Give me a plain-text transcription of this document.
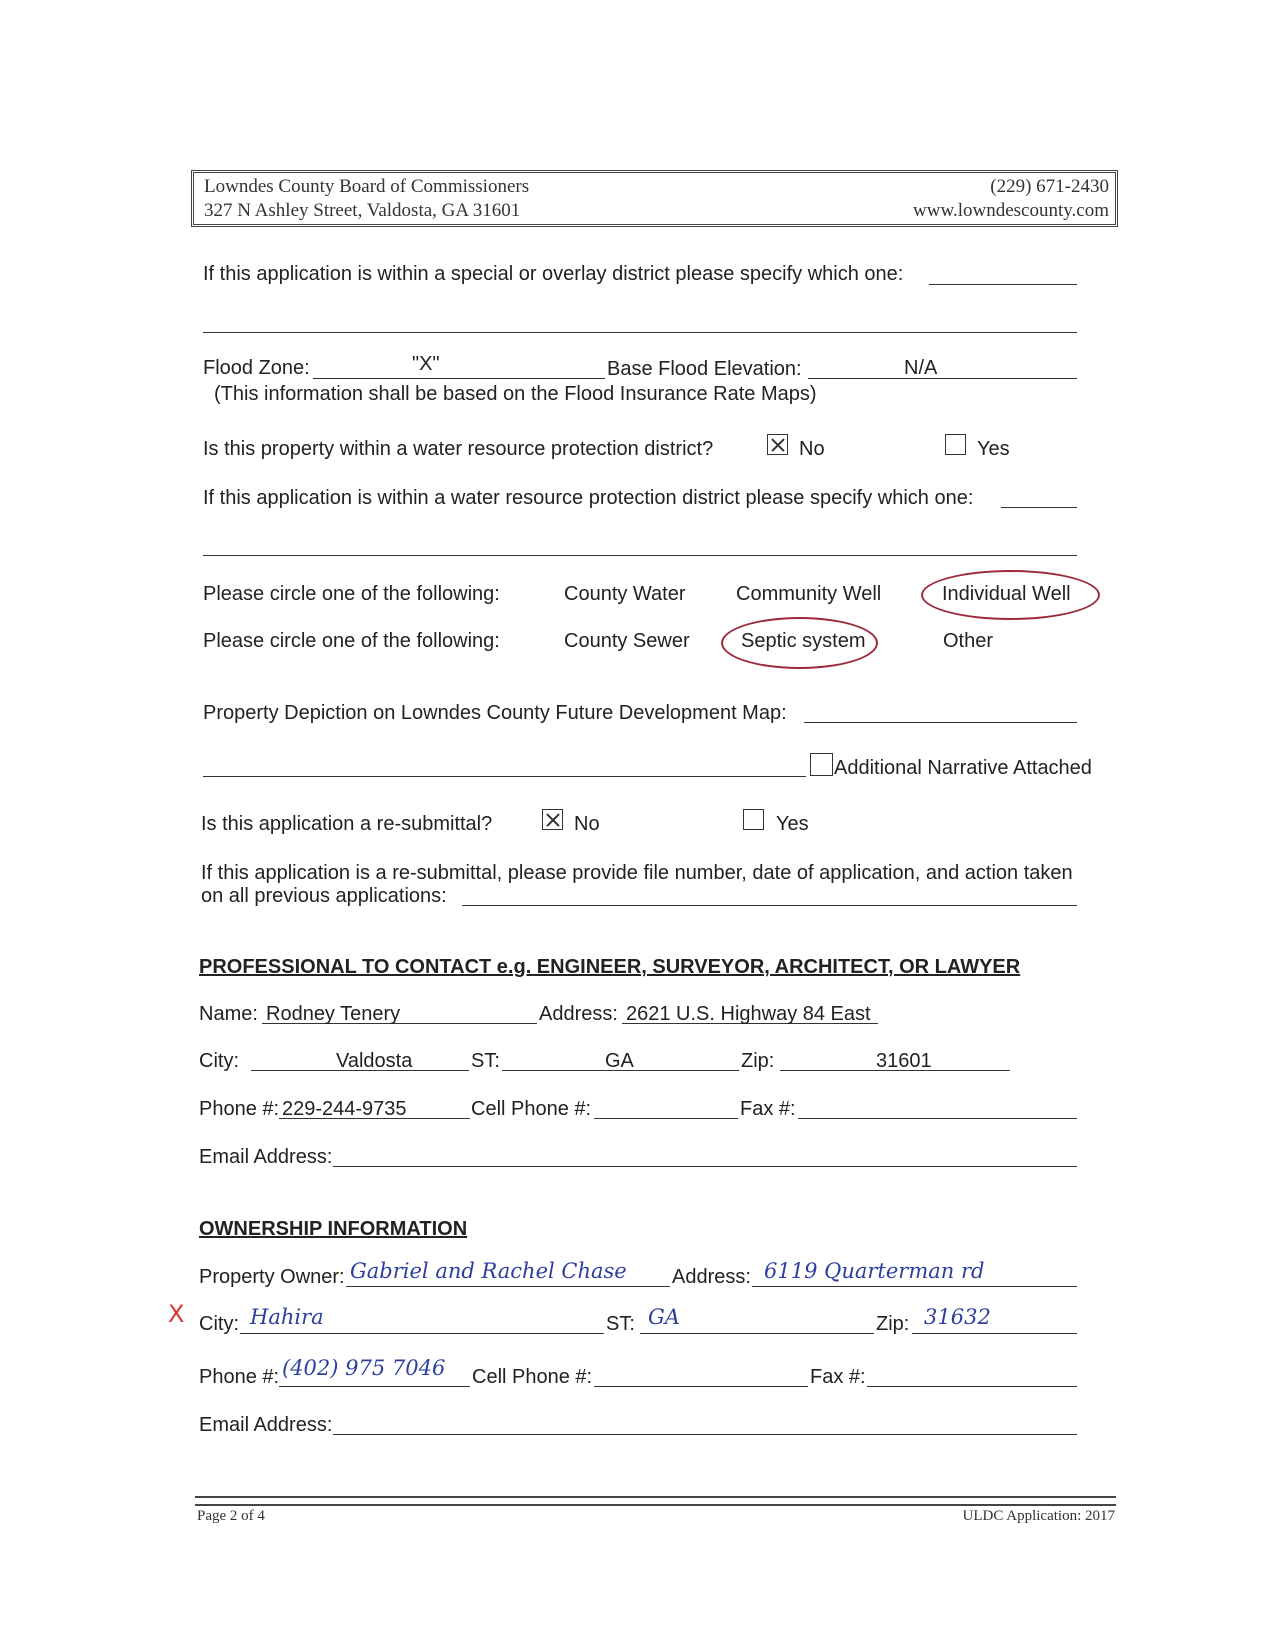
Lowndes County Board of Commissioners
327 N Ashley Street, Valdosta, GA 31601
(229) 671-2430
www.lowndescounty.com
If this application is within a special or overlay district please specify which one:
Flood Zone:	"X"	Base Flood Elevation:	N/A
(This information shall be based on the Flood Insurance Rate Maps)
Is this property within a water resource protection district?	No	Yes
If this application is within a water resource protection district please specify which one:
Please circle one of the following:	County Water	Community Well	Individual Well
Please circle one of the following:	County Sewer	Septic system	Other
Property Depiction on Lowndes County Future Development Map:
Additional Narrative Attached
Is this application a re-submittal?	No	Yes
If this application is a re-submittal, please provide file number, date of application, and action taken
on all previous applications:
PROFESSIONAL TO CONTACT e.g. ENGINEER, SURVEYOR, ARCHITECT, OR LAWYER
Name: Rodney Tenery	Address: 2621 U.S. Highway 84 East
City:	Valdosta	ST:	GA	Zip:	31601
Phone #: 229-244-9735	Cell Phone #:	Fax #:
Email Address:
OWNERSHIP INFORMATION
Property Owner: Gabriel and Rachel Chase Address: 6119 Quarterman rd
X City: Hahira	ST: GA	Zip: 31632
Phone #: (402) 975 7046 Cell Phone #:	Fax #:
Email Address:
Page 2 of 4	ULDC Application: 2017
